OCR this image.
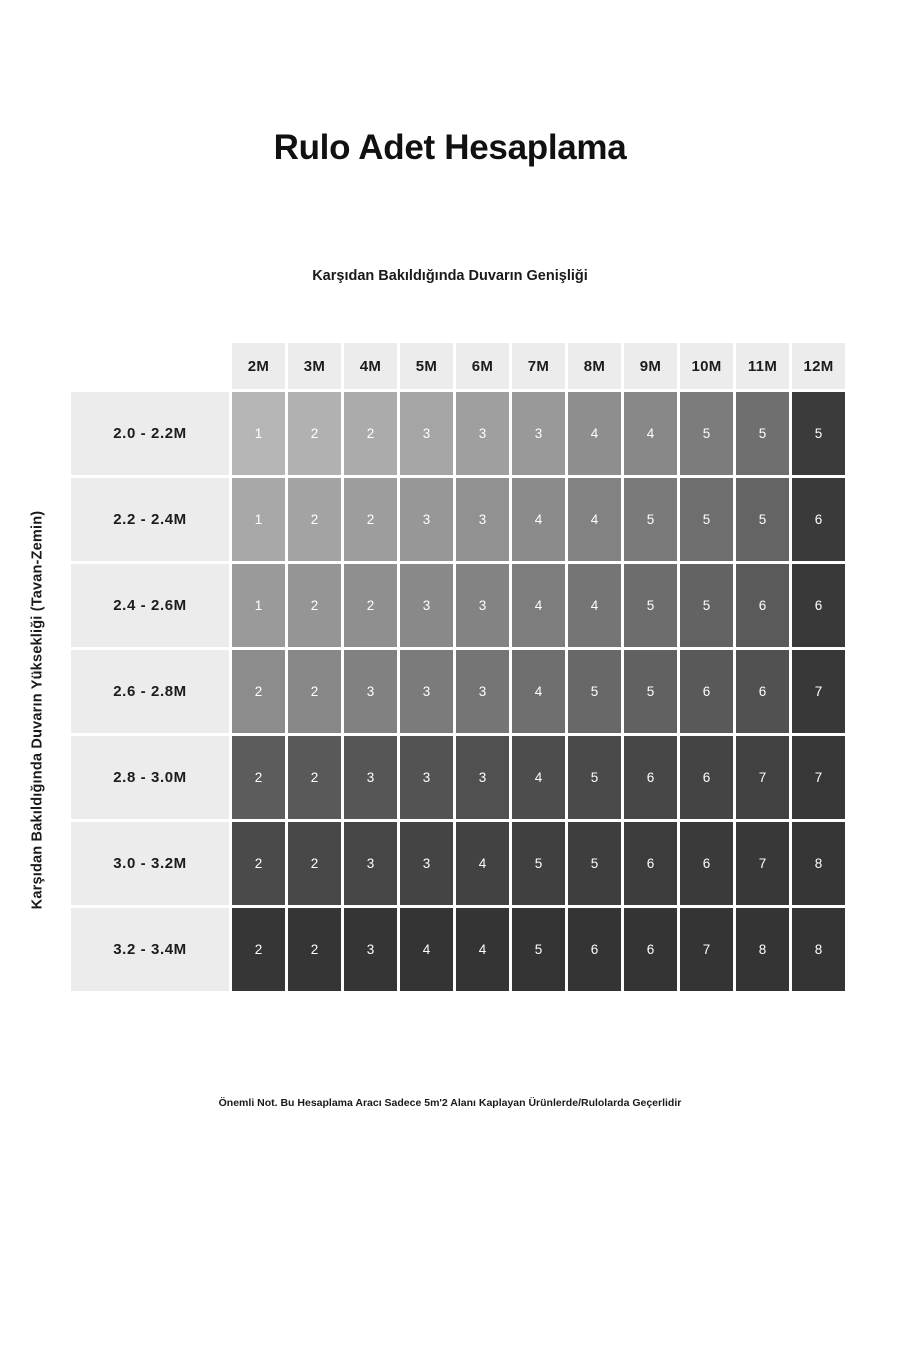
Rulo Adet Hesaplama
Karşıdan Bakıldığında Duvarın Genişliği
Karşıdan Bakıldığında Duvarın Yüksekliği (Tavan-Zemin)
	2M	3M	4M	5M	6M	7M	8M	9M	10M	11M	12M
2.0 - 2.2M	1	2	2	3	3	3	4	4	5	5	5
2.2 - 2.4M	1	2	2	3	3	4	4	5	5	5	6
2.4 - 2.6M	1	2	2	3	3	4	4	5	5	6	6
2.6 - 2.8M	2	2	3	3	3	4	5	5	6	6	7
2.8 - 3.0M	2	2	3	3	3	4	5	6	6	7	7
3.0 - 3.2M	2	2	3	3	4	5	5	6	6	7	8
3.2 - 3.4M	2	2	3	4	4	5	6	6	7	8	8
Önemli Not. Bu Hesaplama Aracı Sadece 5m'2 Alanı Kaplayan Ürünlerde/Rulolarda Geçerlidir
